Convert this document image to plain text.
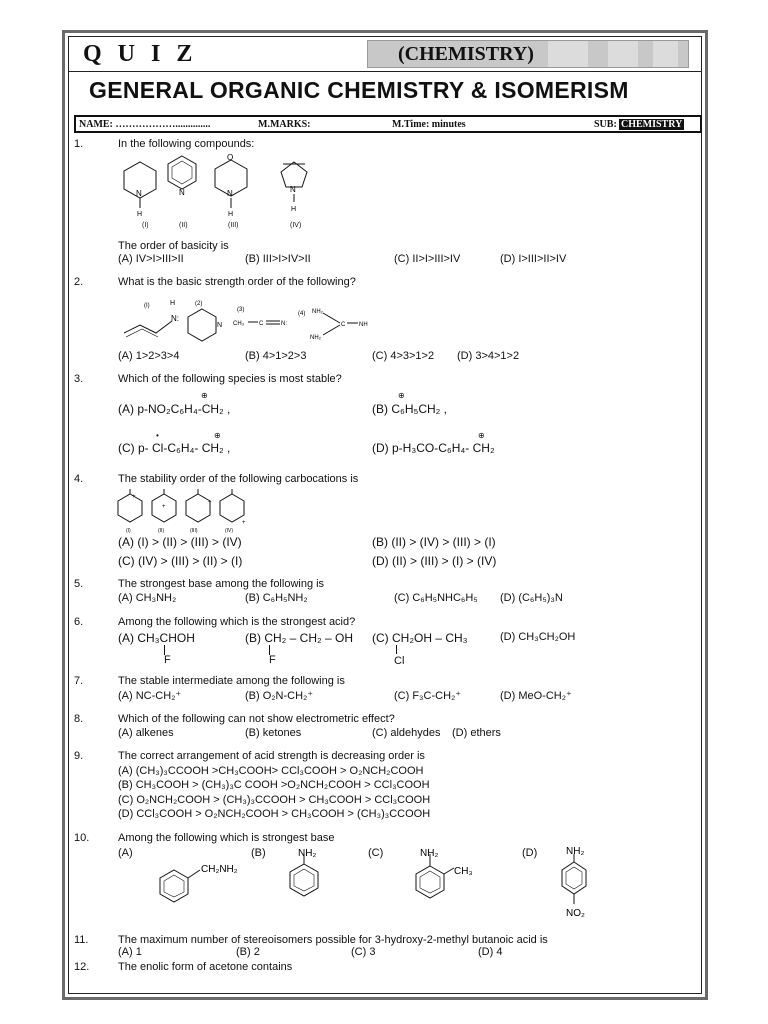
Q U I Z	(CHEMISTRY)
GENERAL ORGANIC CHEMISTRY & ISOMERISM
NAME: ………………..............	M.MARKS:	M.Time: minutes	SUB: CHEMISTRY
1.	In the following compounds:
N
H
N
O
N
H
N
H
(I)	(II)	(III)	(IV)
The order of basicity is
(A) IV>I>III>II	(B) III>I>IV>II	(C) II>I>III>IV	(D) I>III>II>IV
2.	What is the basic strength order of the following?
(I)	H
N:
(2)
N
(3)
CH₃ C	N:
(4) NH₂
NH₂
C NH
(A) 1>2>3>4	(B) 4>1>2>3	(C) 4>3>1>2 (D) 3>4>1>2
3.	Which of the following species is most stable?
(A) p-NO₂C₆H₄-CH₂ ,
⊕
(B) C₆H₅CH₂ ,
⊕
(C) p- Cl-C₆H₄- CH₂ ,
•	⊕
(D) p-H₃CO-C₆H₄- CH₂
⊕
4.	The stability order of the following carbocations is
+
+
+
+
(I)	(II)	(III)	(IV)
(A) (I) > (II) > (III) > (IV)	(B) (II) > (IV) > (III) > (I)
(C) (IV) > (III) > (II) > (I)	(D) (II) > (III) > (I) > (IV)
5.	The strongest base among the following is
(A) CH₃NH₂	(B) C₆H₅NH₂	(C) C₆H₅NHC₆H₅ (D) (C₆H₅)₃N
6.	Among the following which is the strongest acid?
(A) CH₃CHOH	(B) CH₂ – CH₂ – OH (C) CH₂OH – CH₃	(D) CH₃CH₂OH
F	F	Cl
7.	The stable intermediate among the following is
(A) NC-CH₂⁺	(B) O₂N-CH₂⁺	(C) F₃C-CH₂⁺	(D) MeO-CH₂⁺
8.	Which of the following can not show electrometric effect?
(A) alkenes	(B) ketones	(C) aldehydes (D) ethers
9.	The correct arrangement of acid strength is decreasing order is
(A) (CH₃)₃CCOOH >CH₃COOH> CCl₃COOH > O₂NCH₂COOH
(B) CH₃COOH > (CH₃)₃C COOH >O₂NCH₂COOH > CCl₃COOH
(C) O₂NCH₂COOH > (CH₃)₃CCOOH > CH₃COOH > CCl₃COOH
(D) CCl₃COOH > O₂NCH₂COOH > CH₃COOH > (CH₃)₃CCOOH
10.	Among the following which is strongest base
(A)	(B)	(C)	(D)
CH₂NH₂
NH₂	NH₂
CH₃
NH₂
NO₂
11.	The maximum number of stereoisomers possible for 3-hydroxy-2-methyl butanoic acid is
(A) 1	(B) 2	(C) 3	(D) 4
12.	The enolic form of acetone contains
